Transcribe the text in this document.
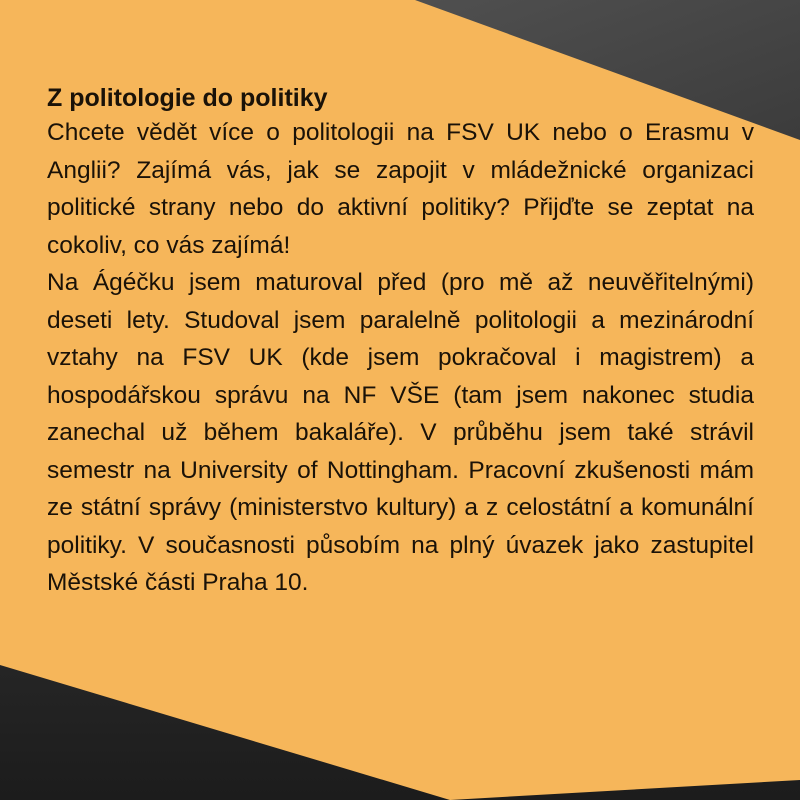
Z politologie do politiky

Chcete vědět více o politologii na FSV UK nebo o Erasmu v Anglii? Zajímá vás, jak se zapojit v mládežnické organizaci politické strany nebo do aktivní politiky? Přijďte se zeptat na cokoliv, co vás zajímá!

Na Ágéčku jsem maturoval před (pro mě až neuvěřitelnými) deseti lety. Studoval jsem paralelně politologii a mezinárodní vztahy na FSV UK (kde jsem pokračoval i magistrem) a hospodářskou správu na NF VŠE (tam jsem nakonec studia zanechal už během bakaláře). V průběhu jsem také strávil semestr na University of Nottingham. Pracovní zkušenosti mám ze státní správy (ministerstvo kultury) a z celostátní a komunální politiky. V současnosti působím na plný úvazek jako zastupitel Městské části Praha 10.
